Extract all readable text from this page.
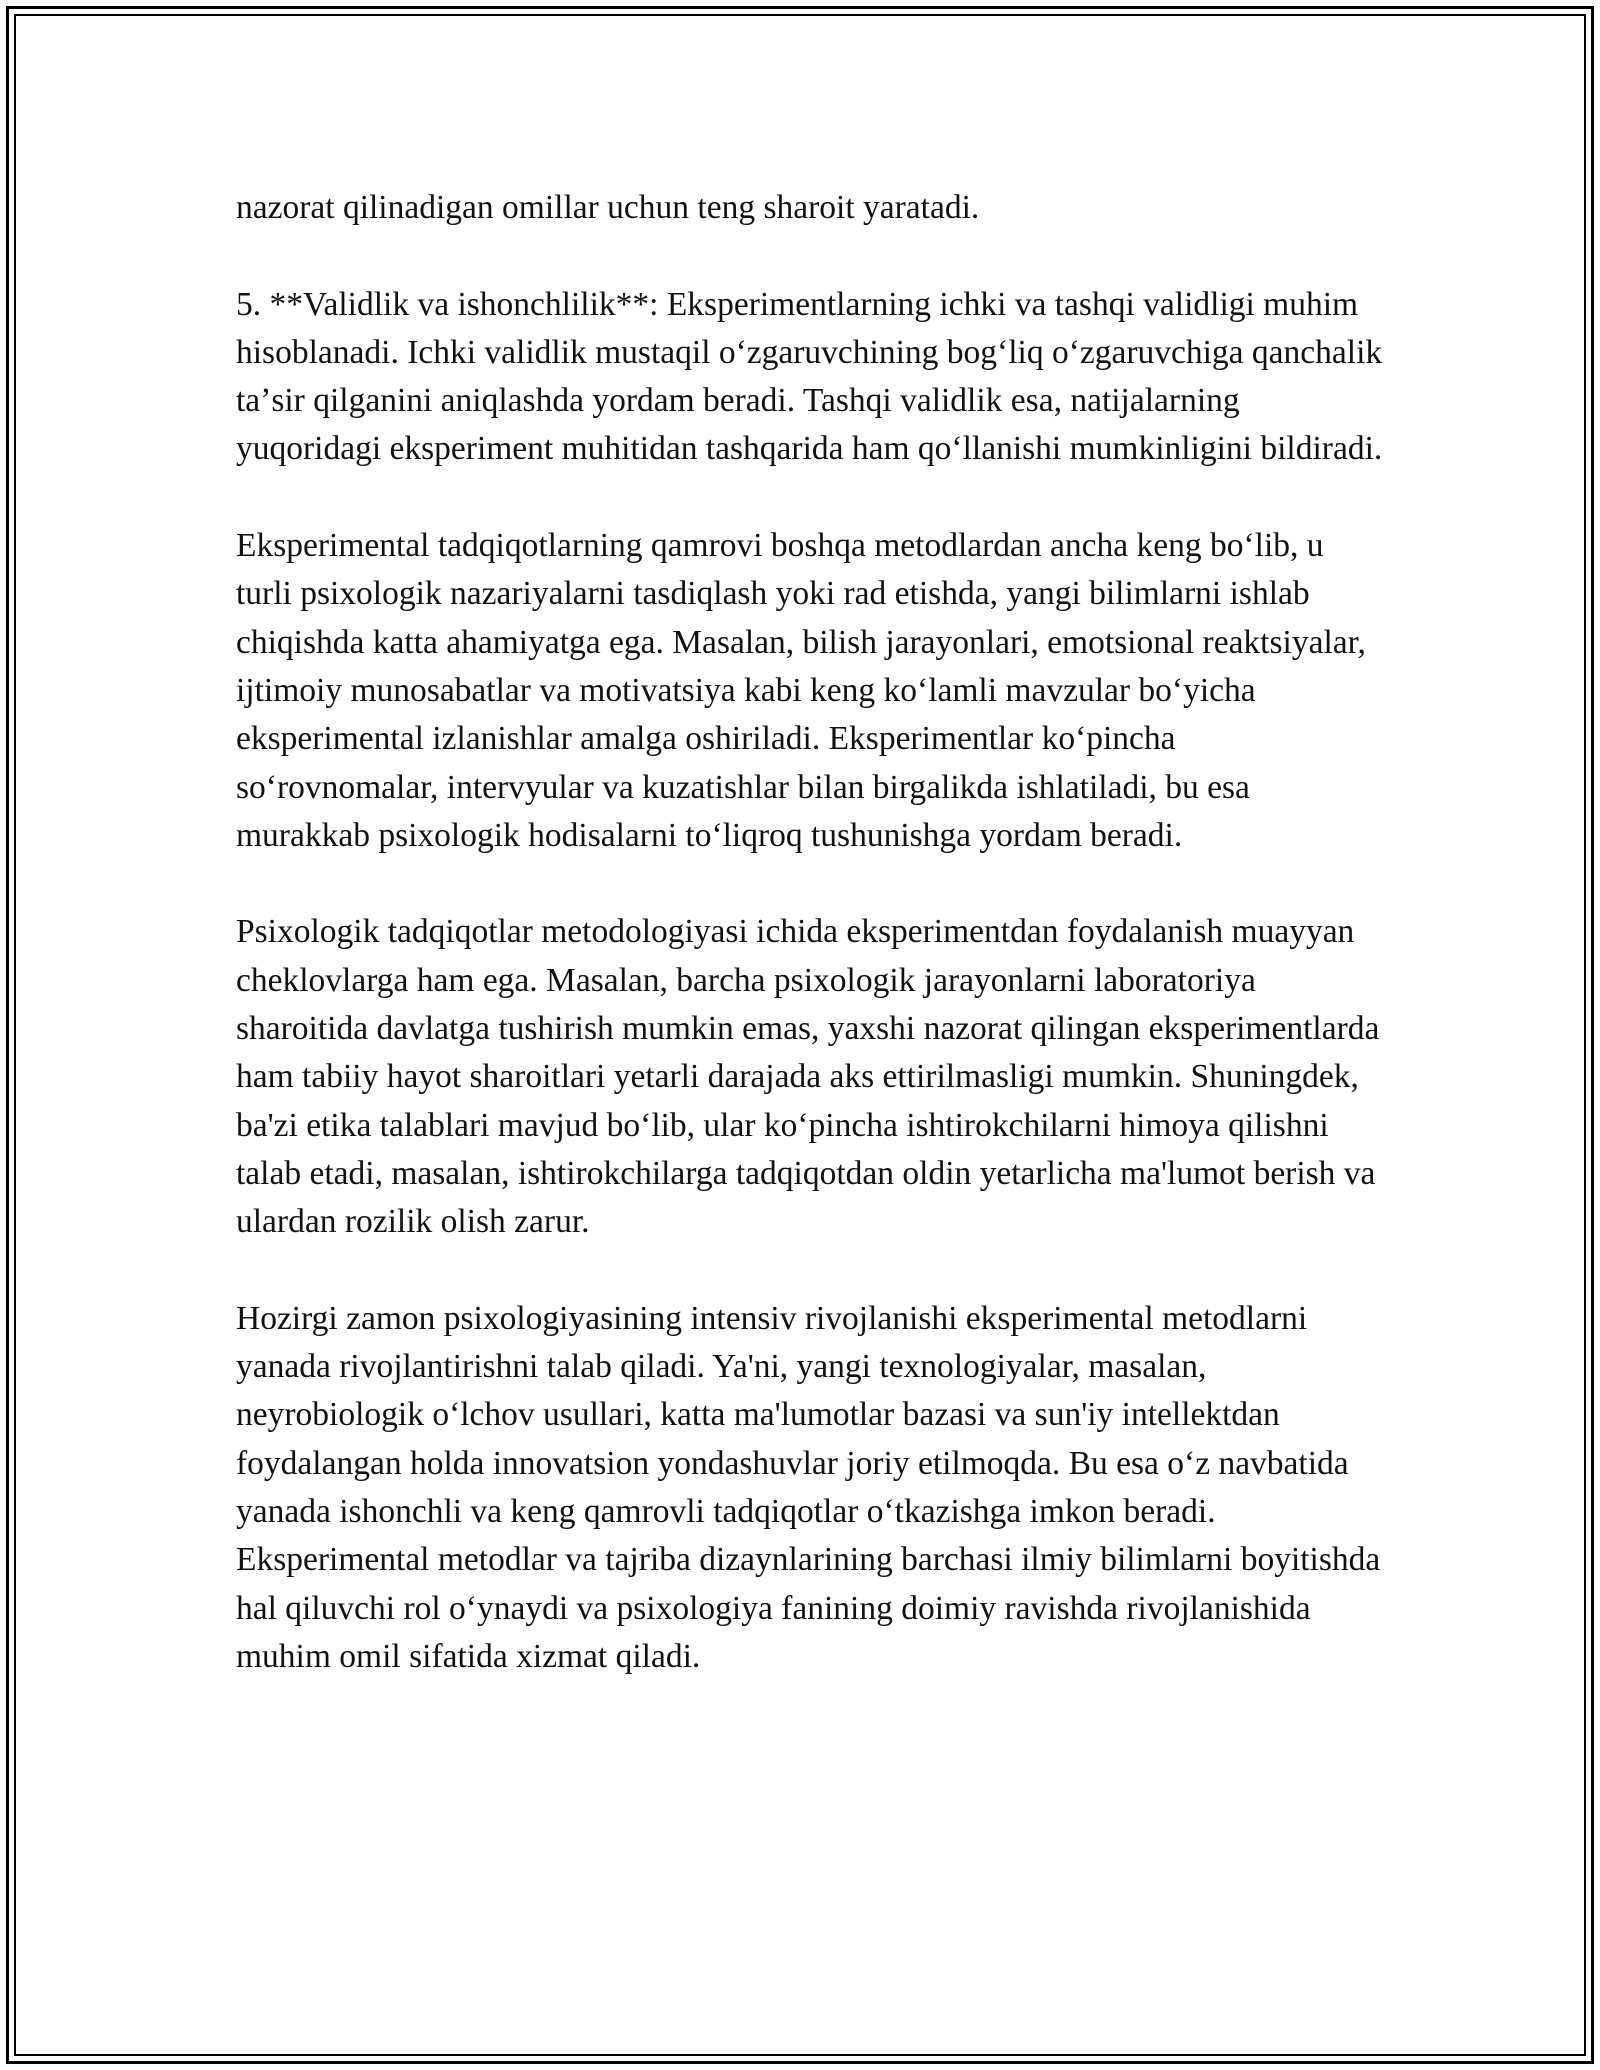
nazorat qilinadigan omillar uchun teng sharoit yaratadi.

5. **Validlik va ishonchlilik**: Eksperimentlarning ichki va tashqi validligi muhim hisoblanadi. Ichki validlik mustaqil oʻzgaruvchining bogʻliq oʻzgaruvchiga qanchalik taʼsir qilganini aniqlashda yordam beradi. Tashqi validlik esa, natijalarning yuqoridagi eksperiment muhitidan tashqarida ham qoʻllanishi mumkinligini bildiradi.

Eksperimental tadqiqotlarning qamrovi boshqa metodlardan ancha keng boʻlib, u turli psixologik nazariyalarni tasdiqlash yoki rad etishda, yangi bilimlarni ishlab chiqishda katta ahamiyatga ega. Masalan, bilish jarayonlari, emotsional reaktsiyalar, ijtimoiy munosabatlar va motivatsiya kabi keng koʻlamli mavzular boʻyicha eksperimental izlanishlar amalga oshiriladi. Eksperimentlar koʻpincha soʻrovnomalar, intervyular va kuzatishlar bilan birgalikda ishlatiladi, bu esa murakkab psixologik hodisalarni toʻliqroq tushunishga yordam beradi.

Psixologik tadqiqotlar metodologiyasi ichida eksperimentdan foydalanish muayyan cheklovlarga ham ega. Masalan, barcha psixologik jarayonlarni laboratoriya sharoitida davlatga tushirish mumkin emas, yaxshi nazorat qilingan eksperimentlarda ham tabiiy hayot sharoitlari yetarli darajada aks ettirilmasligi mumkin. Shuningdek, ba'zi etika talablari mavjud boʻlib, ular koʻpincha ishtirokchilarni himoya qilishni talab etadi, masalan, ishtirokchilarga tadqiqotdan oldin yetarlicha ma'lumot berish va ulardan rozilik olish zarur.

Hozirgi zamon psixologiyasining intensiv rivojlanishi eksperimental metodlarni yanada rivojlantirishni talab qiladi. Ya'ni, yangi texnologiyalar, masalan, neyrobiologik oʻlchov usullari, katta ma'lumotlar bazasi va sun'iy intellektdan foydalangan holda innovatsion yondashuvlar joriy etilmoqda. Bu esa oʻz navbatida yanada ishonchli va keng qamrovli tadqiqotlar oʻtkazishga imkon beradi. Eksperimental metodlar va tajriba dizaynlarining barchasi ilmiy bilimlarni boyitishda hal qiluvchi rol oʻynaydi va psixologiya fanining doimiy ravishda rivojlanishida muhim omil sifatida xizmat qiladi.
